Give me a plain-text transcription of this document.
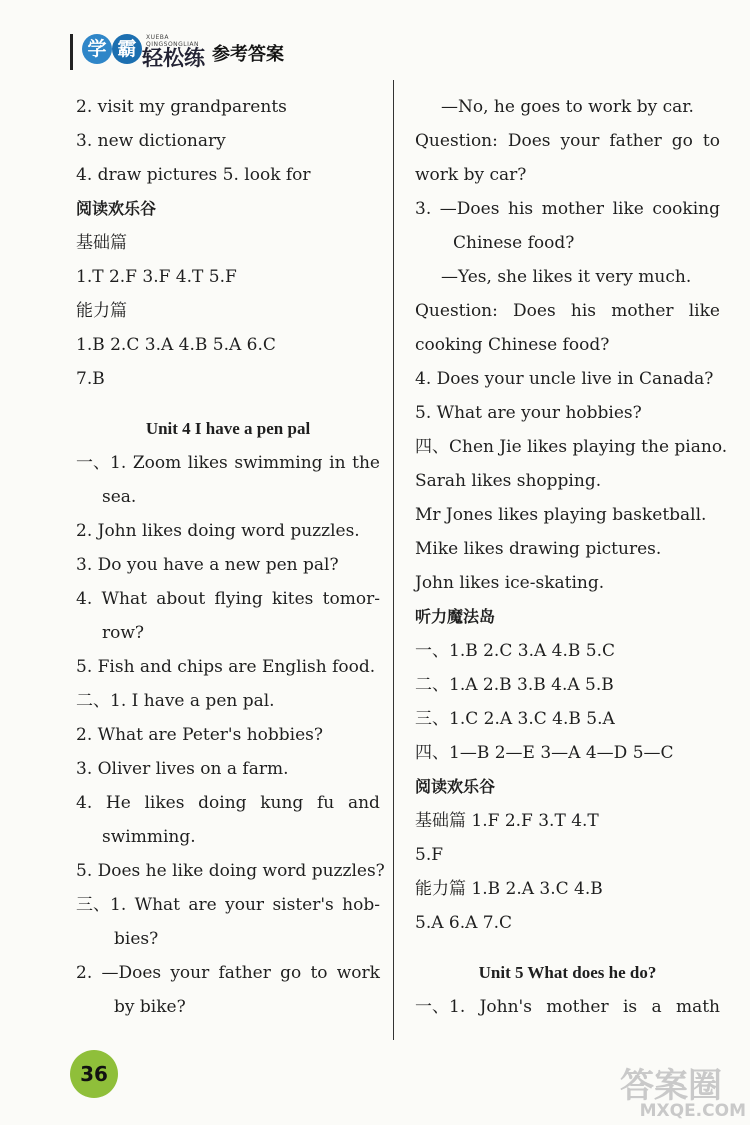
学 霸
XUEBA QINGSONGLIAN
轻松练 参考答案
2. visit my grandparents
3. new dictionary
4. draw pictures 5. look for
阅读欢乐谷
基础篇
1.T 2.F 3.F 4.T 5.F
能力篇
1.B 2.C 3.A 4.B 5.A 6.C
7.B
Unit 4 I have a pen pal
一、1. Zoom likes swimming in the
sea.
2. John likes doing word puzzles.
3. Do you have a new pen pal?
4. What about flying kites tomor-
row?
5. Fish and chips are English food.
二、1. I have a pen pal.
2. What are Peter's hobbies?
3. Oliver lives on a farm.
4. He likes doing kung fu and
swimming.
5. Does he like doing word puzzles?
三、1. What are your sister's hob-
bies?
2. —Does your father go to work
by bike?
—No, he goes to work by car.
Question: Does your father go to
work by car?
3. —Does his mother like cooking
Chinese food?
—Yes, she likes it very much.
Question: Does his mother like
cooking Chinese food?
4. Does your uncle live in Canada?
5. What are your hobbies?
四、Chen Jie likes playing the piano.
Sarah likes shopping.
Mr Jones likes playing basketball.
Mike likes drawing pictures.
John likes ice-skating.
听力魔法岛
一、1.B 2.C 3.A 4.B 5.C
二、1.A 2.B 3.B 4.A 5.B
三、1.C 2.A 3.C 4.B 5.A
四、1—B 2—E 3—A 4—D 5—C
阅读欢乐谷
基础篇 1.F 2.F 3.T 4.T
5.F
能力篇 1.B 2.A 3.C 4.B
5.A 6.A 7.C
Unit 5 What does he do?
一、1. John's mother is a math
36	答案圈
MXQE.COM
